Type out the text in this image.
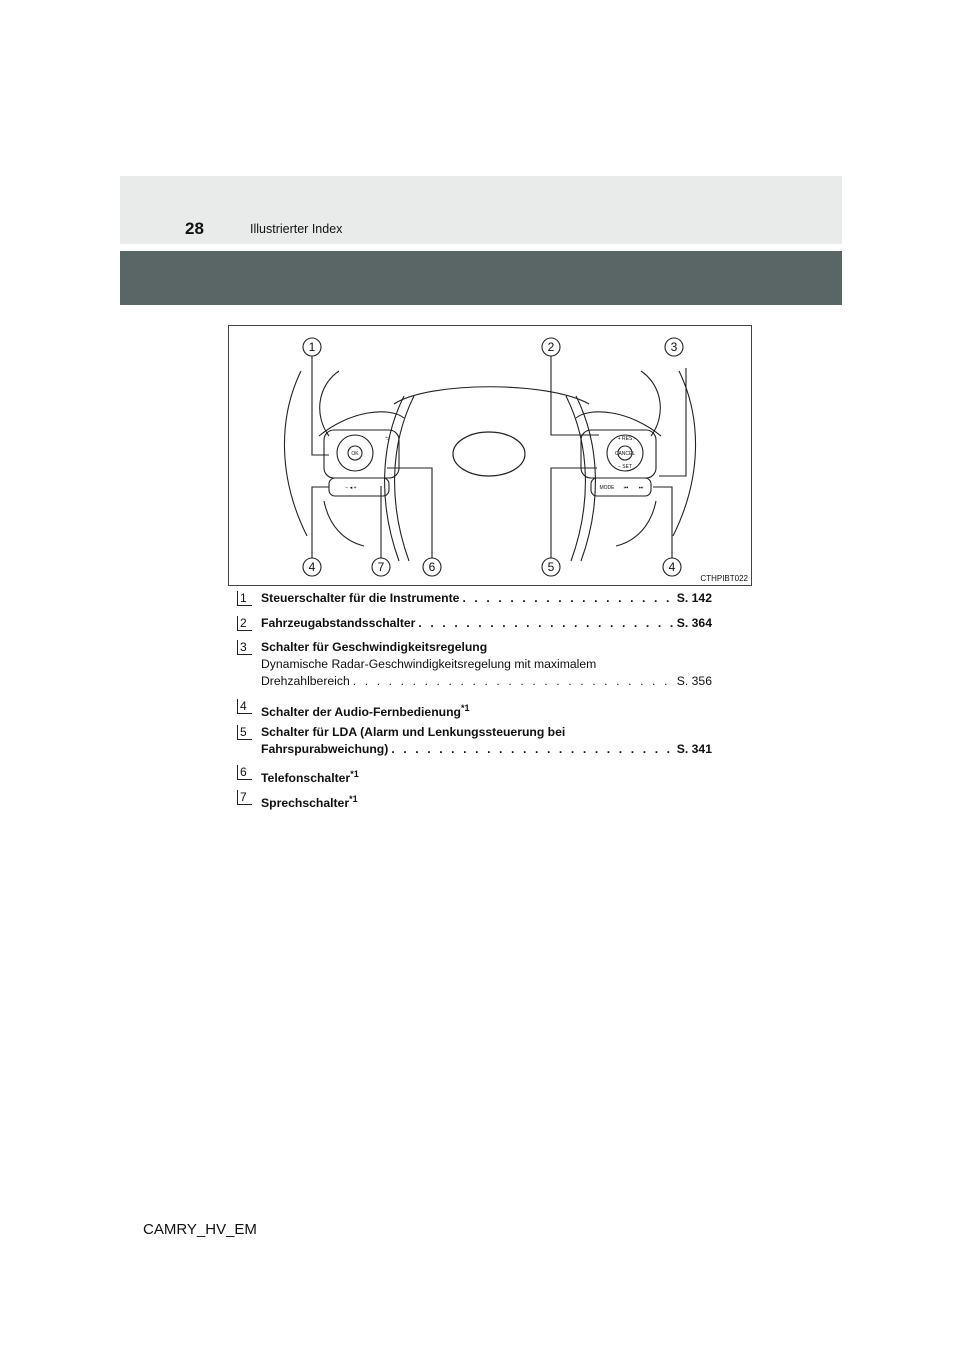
28	Illustrierter Index
1	2	3
4	7	6	5	4
OK
⮌
− ◂ +
+ RES
CANCEL
− SET
MODE ⏮ ⏭
CTHPIBT022
1 Steuerschalter für die Instrumente . . .	S. 142
2 Fahrzeugabstandsschalter . . .	S. 364
3 Schalter für Geschwindigkeitsregelung
Dynamische Radar-Geschwindigkeitsregelung mit maximalem
Drehzahlbereich . . .	S. 356
4 Schalter der Audio-Fernbedienung$^{*1}$
5 Schalter für LDA (Alarm und Lenkungssteuerung bei
Fahrspurabweichung) . . .	S. 341
6 Telefonschalter$^{*1}$
7 Sprechschalter$^{*1}$
CAMRY_HV_EM
